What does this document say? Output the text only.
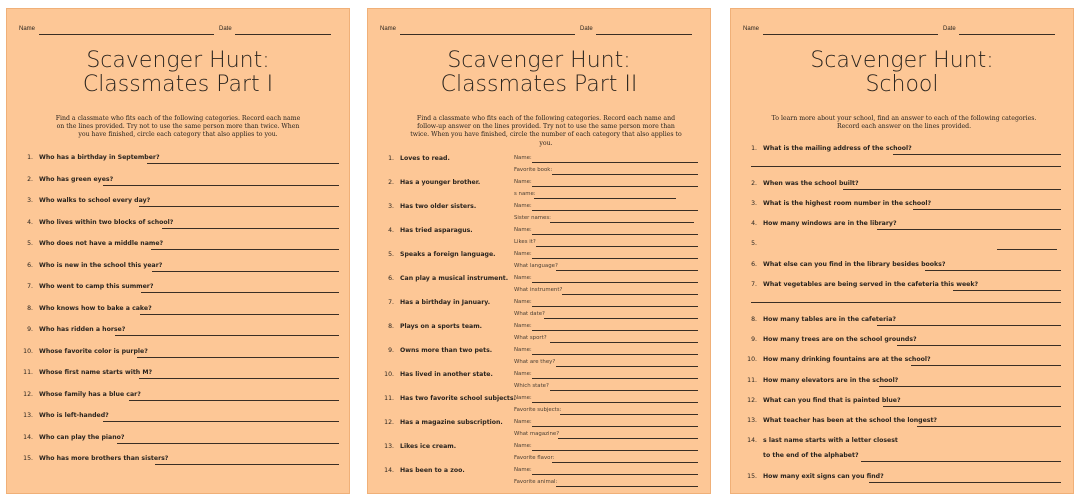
Name	Date
Scavenger Hunt:
Classmates Part I
Find a classmate who fits each of the following categories. Record each name on the lines provided. Try not to use the same person more than twice. When you have finished, circle each category that also applies to you.
1. Who has a birthday in September?
2. Who has green eyes?
3. Who walks to school every day?
4. Who lives within two blocks of school?
5. Who does not have a middle name?
6. Who is new in the school this year?
7. Who went to camp this summer?
8. Who knows how to bake a cake?
9. Who has ridden a horse?
10. Whose favorite color is purple?
11. Whose first name starts with M?
12. Whose family has a blue car?
13. Who is left-handed?
14. Who can play the piano?
15. Who has more brothers than sisters?
Name	Date
Scavenger Hunt:
Classmates Part II
Find a classmate who fits each of the following categories. Record each name and follow-up answer on the lines provided. Try not to use the same person more than twice. When you have finished, circle the number of each category that also applies to you.
1. Loves to read.	Name:
Favorite book:
2. Has a younger brother.	Name:
s name:
3. Has two older sisters.	Name:
Sister names:
4. Has tried asparagus.	Name:
Likes it?
5. Speaks a foreign language.	Name:
What language?
6. Can play a musical instrument. Name:
What instrument?
7. Has a birthday in January.	Name:
What date?
8. Plays on a sports team.	Name:
What sport?
9. Owns more than two pets.	Name:
What are they?
10. Has lived in another state.	Name:
Which state?
11. Has two favorite school subjects.
Name:
Favorite subjects:
12. Has a magazine subscription. Name:
What magazine?
13. Likes ice cream.	Name:
Favorite flavor:
14. Has been to a zoo.	Name:
Favorite animal:
Name	Date
Scavenger Hunt:
School
To learn more about your school, find an answer to each of the following categories. Record each answer on the lines provided.
1. What is the mailing address of the school?
2. When was the school built?
3. What is the highest room number in the school?
4. How many windows are in the library?
5.
6. What else can you find in the library besides books?
7. What vegetables are being served in the cafeteria this week?
8. How many tables are in the cafeteria?
9. How many trees are on the school grounds?
10. How many drinking fountains are at the school?
11. How many elevators are in the school?
12. What can you find that is painted blue?
13. What teacher has been at the school the longest?
14. s last name starts with a letter closest
to the end of the alphabet?
15. How many exit signs can you find?
